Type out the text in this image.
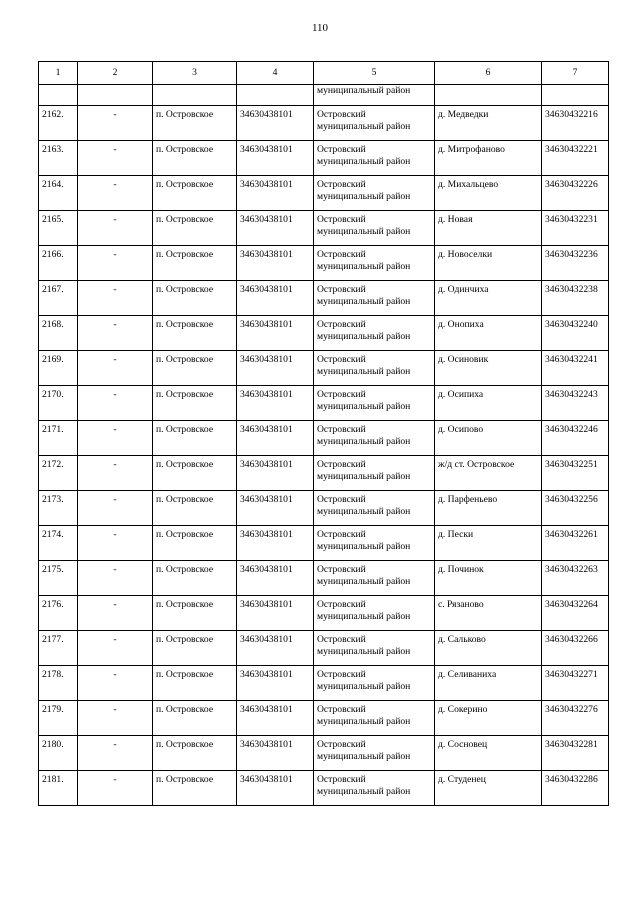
110
1	2	3	4	5	6	7
				муниципальный район		
2162.	-	п. Островское	34630438101	Островский муниципальный район	д. Медведки	34630432216
2163.	-	п. Островское	34630438101	Островский муниципальный район	д. Митрофаново	34630432221
2164.	-	п. Островское	34630438101	Островский муниципальный район	д. Михальцево	34630432226
2165.	-	п. Островское	34630438101	Островский муниципальный район	д. Новая	34630432231
2166.	-	п. Островское	34630438101	Островский муниципальный район	д. Новоселки	34630432236
2167.	-	п. Островское	34630438101	Островский муниципальный район	д. Одинчиха	34630432238
2168.	-	п. Островское	34630438101	Островский муниципальный район	д. Онопиха	34630432240
2169.	-	п. Островское	34630438101	Островский муниципальный район	д. Осиновик	34630432241
2170.	-	п. Островское	34630438101	Островский муниципальный район	д. Осипиха	34630432243
2171.	-	п. Островское	34630438101	Островский муниципальный район	д. Осипово	34630432246
2172.	-	п. Островское	34630438101	Островский муниципальный район	ж/д ст. Островское	34630432251
2173.	-	п. Островское	34630438101	Островский муниципальный район	д. Парфеньево	34630432256
2174.	-	п. Островское	34630438101	Островский муниципальный район	д. Пески	34630432261
2175.	-	п. Островское	34630438101	Островский муниципальный район	д. Починок	34630432263
2176.	-	п. Островское	34630438101	Островский муниципальный район	с. Рязаново	34630432264
2177.	-	п. Островское	34630438101	Островский муниципальный район	д. Сальково	34630432266
2178.	-	п. Островское	34630438101	Островский муниципальный район	д. Селиваниха	34630432271
2179.	-	п. Островское	34630438101	Островский муниципальный район	д. Сокерино	34630432276
2180.	-	п. Островское	34630438101	Островский муниципальный район	д. Сосновец	34630432281
2181.	-	п. Островское	34630438101	Островский муниципальный район	д. Студенец	34630432286
